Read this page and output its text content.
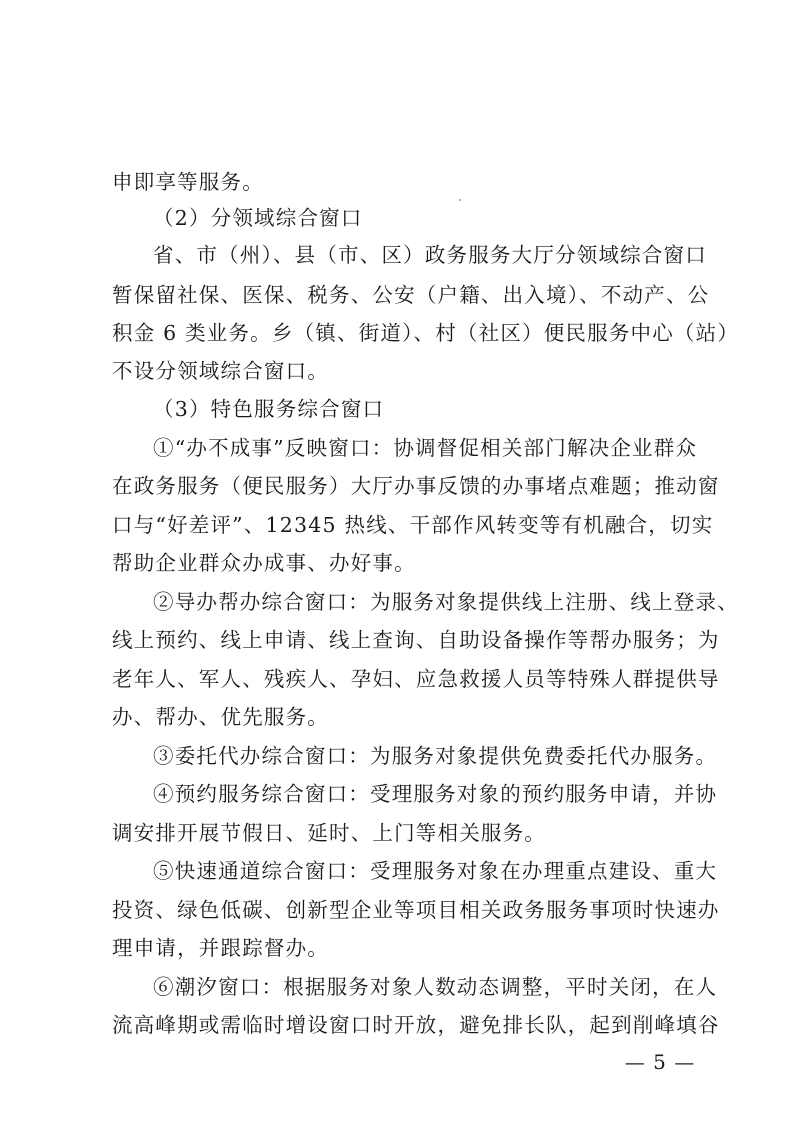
申即享等服务。
（2）分领域综合窗口
省、市（州）、县（市、区）政务服务大厅分领域综合窗口
暂保留社保、医保、税务、公安（户籍、出入境）、不动产、公
积金 6 类业务。乡（镇、街道）、村（社区）便民服务中心（站）
不设分领域综合窗口。
（3）特色服务综合窗口
①“办不成事”反映窗口：协调督促相关部门解决企业群众
在政务服务（便民服务）大厅办事反馈的办事堵点难题；推动窗
口与“好差评”、12345 热线、干部作风转变等有机融合，切实
帮助企业群众办成事、办好事。
②导办帮办综合窗口：为服务对象提供线上注册、线上登录、
线上预约、线上申请、线上查询、自助设备操作等帮办服务；为
老年人、军人、残疾人、孕妇、应急救援人员等特殊人群提供导
办、帮办、优先服务。
③委托代办综合窗口：为服务对象提供免费委托代办服务。
④预约服务综合窗口：受理服务对象的预约服务申请，并协
调安排开展节假日、延时、上门等相关服务。
⑤快速通道综合窗口：受理服务对象在办理重点建设、重大
投资、绿色低碳、创新型企业等项目相关政务服务事项时快速办
理申请，并跟踪督办。
⑥潮汐窗口：根据服务对象人数动态调整，平时关闭，在人
流高峰期或需临时增设窗口时开放，避免排长队，起到削峰填谷
— 5 —
